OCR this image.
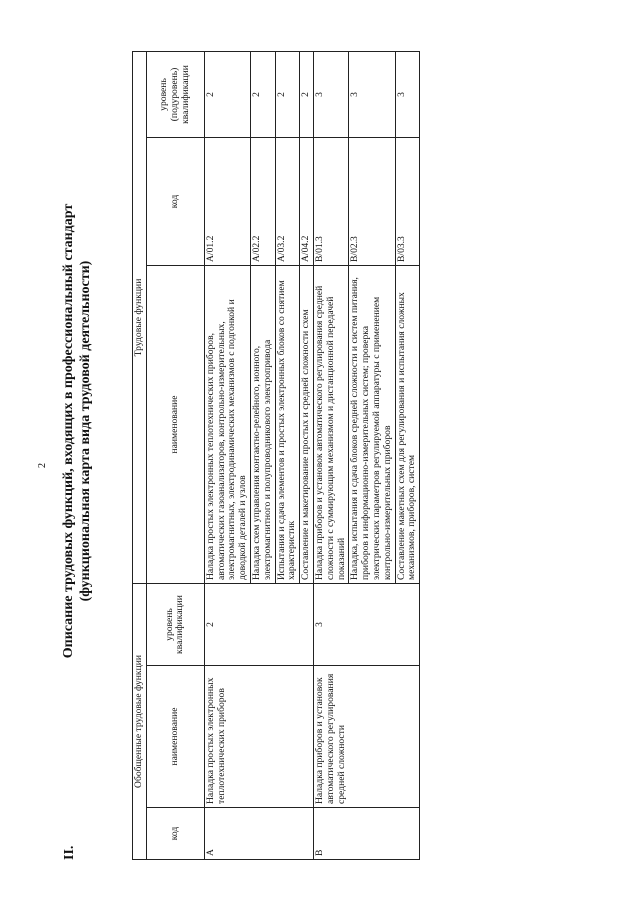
2
II.
Описание трудовых функций, входящих в профессиональный стандарт (функциональная карта вида трудовой деятельности)
Обобщенные трудовые функции			Трудовые функции		
код	наименование	уровень квалификации	наименование	код	уровень (подуровень) квалификации
А	Наладка простых электронных теплотехнических приборов	2	Наладка простых электронных теплотехнических приборов, автоматических газоанализаторов, контрольно-измерительных, электромагнитных, электродинамических механизмов с подгонкой и доводкой деталей и узлов	А/01.2	2
			Наладка схем управления контактно-релейного, ионного, электромагнитного и полупроводникового электропривода	А/02.2	2
			Испытания и сдача элементов и простых электронных блоков со снятием характеристик	А/03.2	2
			Составление и макетирование простых и средней сложности схем	А/04.2	2
В	Наладка приборов и установок автоматического регулирования средней сложности	3	Наладка приборов и установок автоматического регулирования средней сложности с суммирующим механизмом и дистанционной передачей показаний	В/01.3	3
			Наладка, испытания и сдача блоков средней сложности и систем питания, приборов и информационно-измерительных систем; проверка электрических параметров регулируемой аппаратуры с применением контрольно-измерительных приборов	В/02.3	3
			Составление макетных схем для регулирования и испытания сложных механизмов, приборов, систем	В/03.3	3
